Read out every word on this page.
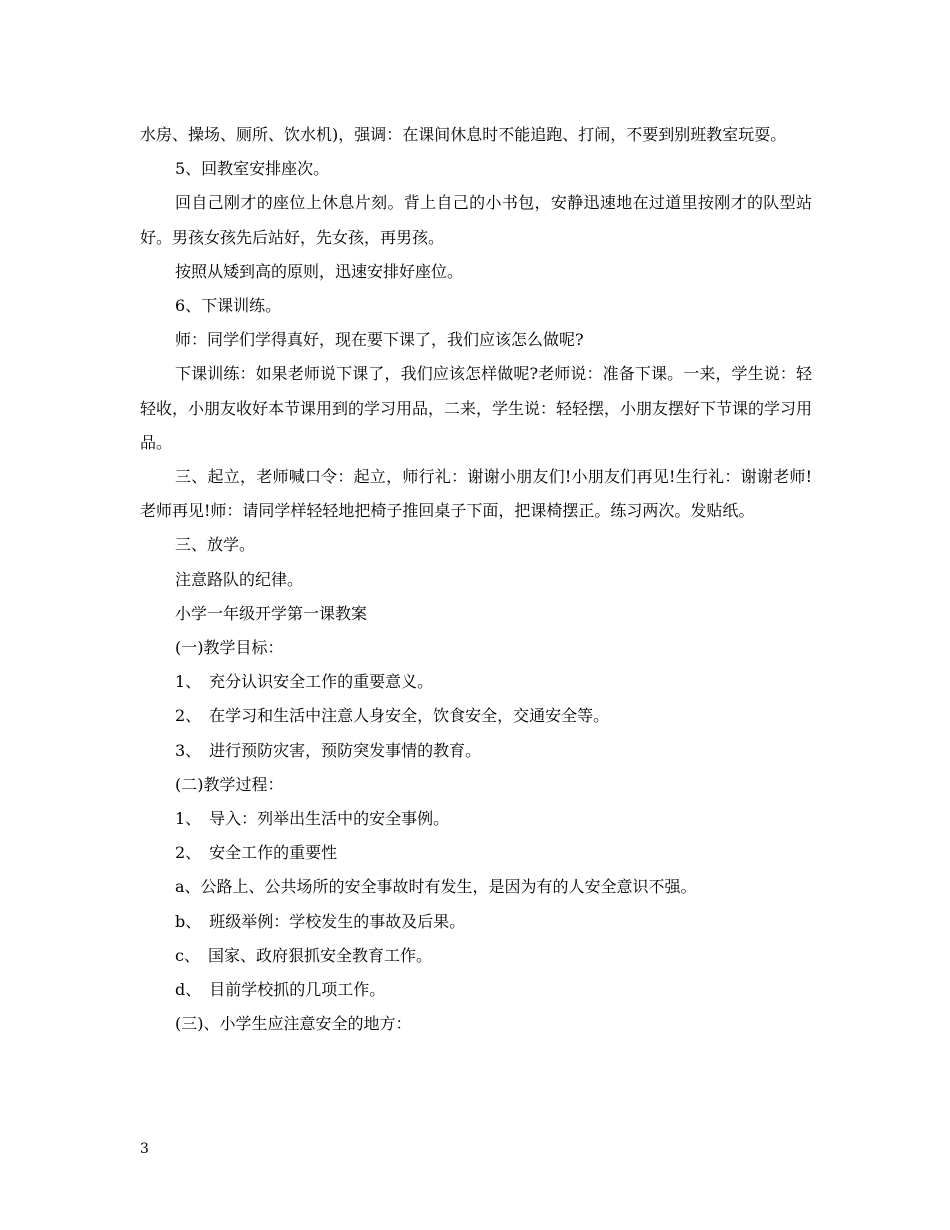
水房、操场、厕所、饮水机)，强调：在课间休息时不能追跑、打闹，不要到别班教室玩耍。

5、回教室安排座次。

回自己刚才的座位上休息片刻。背上自己的小书包，安静迅速地在过道里按刚才的队型站好。男孩女孩先后站好，先女孩，再男孩。

按照从矮到高的原则，迅速安排好座位。

6、下课训练。

师：同学们学得真好，现在要下课了，我们应该怎么做呢?

下课训练：如果老师说下课了，我们应该怎样做呢?老师说：准备下课。一来，学生说：轻轻收，小朋友收好本节课用到的学习用品，二来，学生说：轻轻摆，小朋友摆好下节课的学习用品。

三、起立，老师喊口令：起立，师行礼：谢谢小朋友们!小朋友们再见!生行礼：谢谢老师!老师再见!师：请同学样轻轻地把椅子推回桌子下面，把课椅摆正。练习两次。发贴纸。

三、放学。

注意路队的纪律。

小学一年级开学第一课教案

(一)教学目标：

1、　充分认识安全工作的重要意义。

2、　在学习和生活中注意人身安全，饮食安全，交通安全等。

3、　进行预防灾害，预防突发事情的教育。

(二)教学过程：

1、　导入：列举出生活中的安全事例。

2、　安全工作的重要性

a、公路上、公共场所的安全事故时有发生，是因为有的人安全意识不强。

b、　班级举例：学校发生的事故及后果。

c、　国家、政府狠抓安全教育工作。

d、　目前学校抓的几项工作。

(三)、小学生应注意安全的地方：

3
